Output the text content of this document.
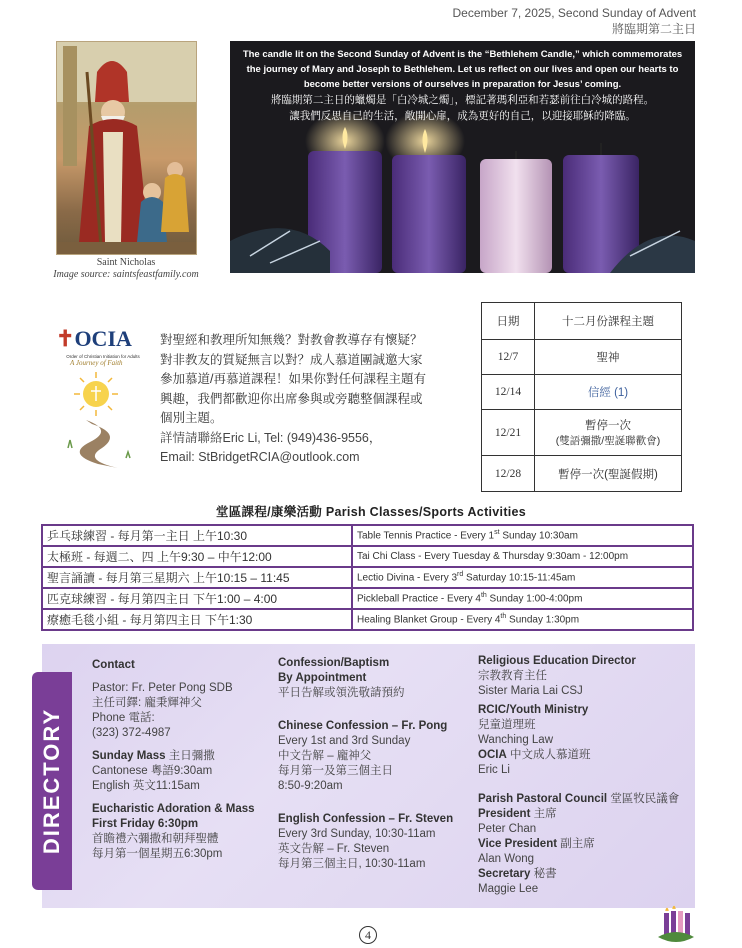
December 7, 2025, Second Sunday of Advent
將臨期第二主日
Saint Nicholas
Image source: saintsfeastfamily.com
The candle lit on the Second Sunday of Advent is the “Bethlehem Candle,” which commemorates
the journey of Mary and Joseph to Bethlehem. Let us reflect on our lives and open our hearts to
become better versions of ourselves in preparation for Jesus’ coming.
將臨期第二主日的蠟燭是「白冷城之燭」，標記著瑪利亞和若瑟前往白冷城的路程。
讓我們反思自己的生活，敞開心扉，成為更好的自己，以迎接耶穌的降臨。
✝OCIA
Order of Christian Initiation for Adults
A Journey of Faith
對聖經和教理所知無幾？對教會教導存有懷疑？
對非教友的質疑無言以對？成人慕道團誠邀大家
參加慕道/再慕道課程！如果你對任何課程主題有
興趣，我們都歡迎你出席參與或旁聽整個課程或
個別主題。
詳情請聯絡Eric Li, Tel: (949)436-9556，
Email: StBridgetRCIA@outlook.com
日期	十二月份課程主題
12/7	聖神
12/14	信經 (1)
12/21	暫停一次
(雙語彌撒/聖誕聯歡會)

12/28	暫停一次(聖誕假期)
堂區課程/康樂活動 Parish Classes/Sports Activities
乒乓球練習 - 每月第一主日 上午10:30	Table Tennis Practice - Every 1st Sunday 10:30am
太極班 - 每週二、四 上午9:30 – 中午12:00	Tai Chi Class - Every Tuesday & Thursday 9:30am - 12:00pm
聖言誦讀 - 每月第三星期六 上午10:15 – 11:45	Lectio Divina - Every 3rd Saturday 10:15-11:45am
匹克球練習 - 每月第四主日 下午1:00 – 4:00	Pickleball Practice - Every 4th Sunday 1:00-4:00pm
療癒毛毯小組 - 每月第四主日 下午1:30	Healing Blanket Group - Every 4th Sunday 1:30pm
DIRECTORY
Contact
Pastor: Fr. Peter Pong SDB
主任司鐸: 龐秉輝神父
Phone 電話:
(323) 372-4987
Sunday Mass 主日彌撒
Cantonese 粵語9:30am
English 英文11:15am
Eucharistic Adoration & Mass
First Friday 6:30pm
首瞻禮六彌撒和朝拜聖體
每月第一個星期五6:30pm
Confession/Baptism
By Appointment
平日告解或領洗敬請預約
Chinese Confession – Fr. Pong
Every 1st and 3rd Sunday
中文告解 – 龐神父
每月第一及第三個主日
8:50-9:20am
English Confession – Fr. Steven
Every 3rd Sunday, 10:30-11am
英文告解 – Fr. Steven
每月第三個主日, 10:30-11am
Religious Education Director
宗教教育主任
Sister Maria Lai CSJ
RCIC/Youth Ministry
兒童道理班
Wanching Law
OCIA 中文成人慕道班
Eric Li
Parish Pastoral Council 堂區牧民議會
President 主席
Peter Chan
Vice President 副主席
Alan Wong
Secretary 秘書
Maggie Lee
4
